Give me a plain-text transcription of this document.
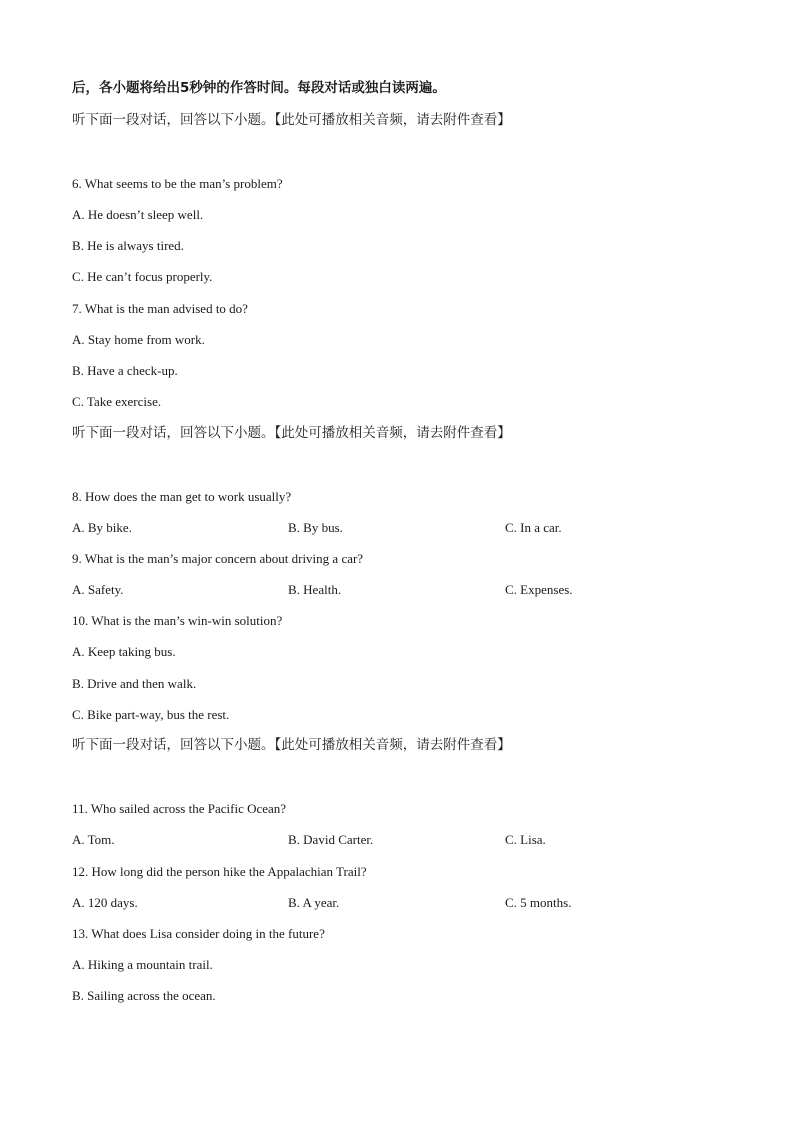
后，各小题将给出5秒钟的作答时间。每段对话或独白读两遍。
听下面一段对话，回答以下小题。【此处可播放相关音频，请去附件查看】
6. What seems to be the man’s problem?
A. He doesn’t sleep well.
B. He is always tired.
C. He can’t focus properly.
7. What is the man advised to do?
A. Stay home from work.
B. Have a check-up.
C. Take exercise.
听下面一段对话，回答以下小题。【此处可播放相关音频，请去附件查看】
8. How does the man get to work usually?
A. By bike.	B. By bus.	C. In a car.
9. What is the man’s major concern about driving a car?
A. Safety.	B. Health.	C. Expenses.
10. What is the man’s win-win solution?
A. Keep taking bus.
B. Drive and then walk.
C. Bike part-way, bus the rest.
听下面一段对话，回答以下小题。【此处可播放相关音频，请去附件查看】
11. Who sailed across the Pacific Ocean?
A. Tom.	B. David Carter.	C. Lisa.
12. How long did the person hike the Appalachian Trail?
A. 120 days.	B. A year.	C. 5 months.
13. What does Lisa consider doing in the future?
A. Hiking a mountain trail.
B. Sailing across the ocean.
